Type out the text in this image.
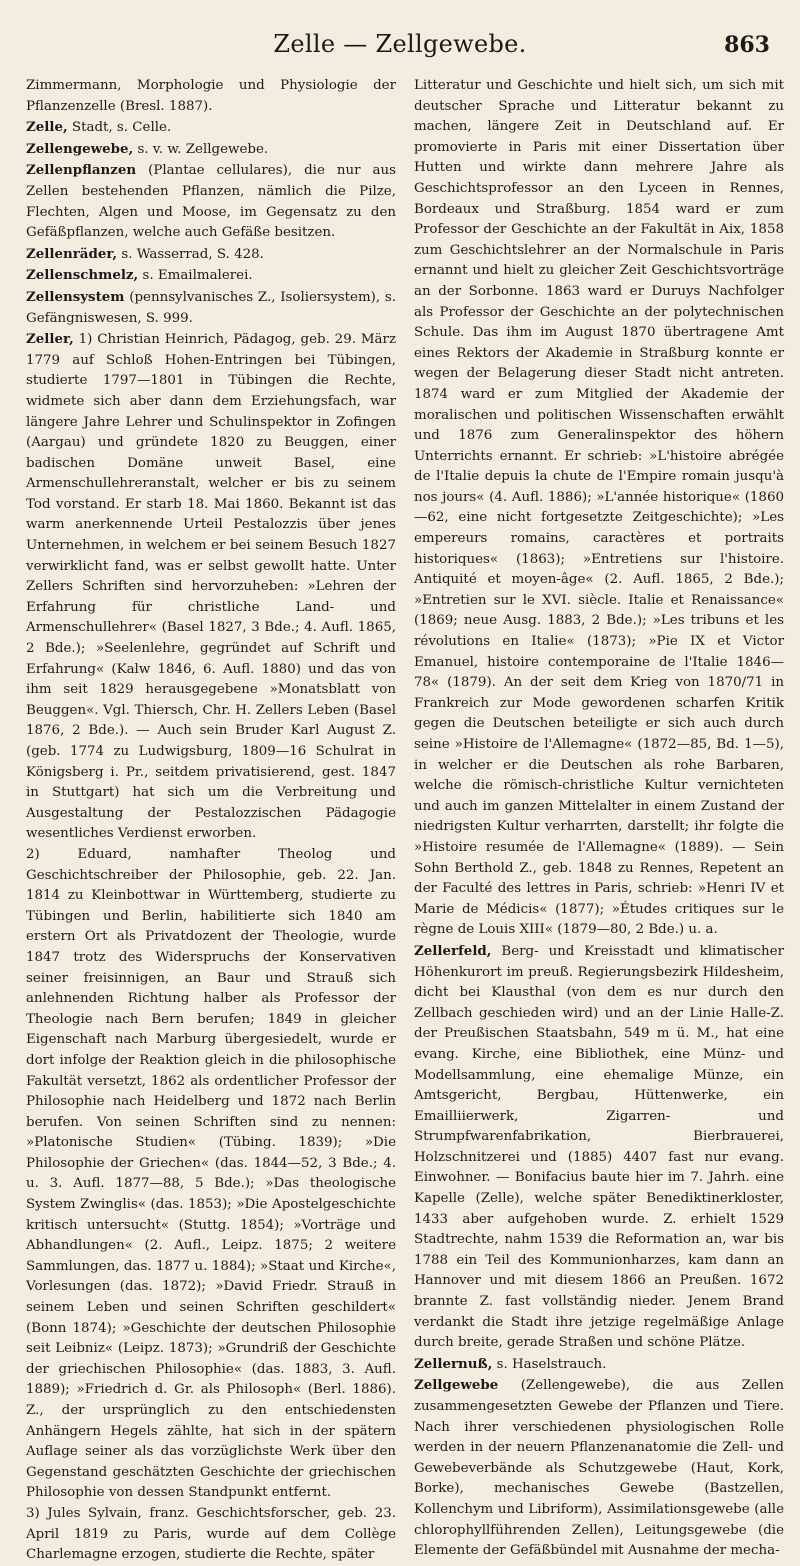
Zelle — Zellgewebe.	863

Zimmermann, Morphologie und Physiologie der Pflanzenzelle (Bresl. 1887).

Zelle, Stadt, s. Celle.

Zellengewebe, s. v. w. Zellgewebe.

Zellenpflanzen (Plantae cellulares), die nur aus Zellen bestehenden Pflanzen, nämlich die Pilze, Flechten, Algen und Moose, im Gegensatz zu den Gefäßpflanzen, welche auch Gefäße besitzen.

Zellenräder, s. Wasserrad, S. 428.

Zellenschmelz, s. Emailmalerei.

Zellensystem (pennsylvanisches Z., Isoliersystem), s. Gefängniswesen, S. 999.

Zeller, 1) Christian Heinrich, Pädagog, geb. 29. März 1779 auf Schloß Hohen-Entringen bei Tübingen, studierte 1797—1801 in Tübingen die Rechte, widmete sich aber dann dem Erziehungsfach, war längere Jahre Lehrer und Schulinspektor in Zofingen (Aargau) und gründete 1820 zu Beuggen, einer badischen Domäne unweit Basel, eine Armenschullehreranstalt, welcher er bis zu seinem Tod vorstand. Er starb 18. Mai 1860. Bekannt ist das warm anerkennende Urteil Pestalozzis über jenes Unternehmen, in welchem er bei seinem Besuch 1827 verwirklicht fand, was er selbst gewollt hatte. Unter Zellers Schriften sind hervorzuheben: »Lehren der Erfahrung für christliche Land- und Armenschullehrer« (Basel 1827, 3 Bde.; 4. Aufl. 1865, 2 Bde.); »Seelenlehre, gegründet auf Schrift und Erfahrung« (Kalw 1846, 6. Aufl. 1880) und das von ihm seit 1829 herausgegebene »Monatsblatt von Beuggen«. Vgl. Thiersch, Chr. H. Zellers Leben (Basel 1876, 2 Bde.). — Auch sein Bruder Karl August Z. (geb. 1774 zu Ludwigsburg, 1809—16 Schulrat in Königsberg i. Pr., seitdem privatisierend, gest. 1847 in Stuttgart) hat sich um die Verbreitung und Ausgestaltung der Pestalozzischen Pädagogie wesentliches Verdienst erworben.

2) Eduard, namhafter Theolog und Geschichtschreiber der Philosophie, geb. 22. Jan. 1814 zu Kleinbottwar in Württemberg, studierte zu Tübingen und Berlin, habilitierte sich 1840 am erstern Ort als Privatdozent der Theologie, wurde 1847 trotz des Widerspruchs der Konservativen seiner freisinnigen, an Baur und Strauß sich anlehnenden Richtung halber als Professor der Theologie nach Bern berufen; 1849 in gleicher Eigenschaft nach Marburg übergesiedelt, wurde er dort infolge der Reaktion gleich in die philosophische Fakultät versetzt, 1862 als ordentlicher Professor der Philosophie nach Heidelberg und 1872 nach Berlin berufen. Von seinen Schriften sind zu nennen: »Platonische Studien« (Tübing. 1839); »Die Philosophie der Griechen« (das. 1844—52, 3 Bde.; 4. u. 3. Aufl. 1877—88, 5 Bde.); »Das theologische System Zwinglis« (das. 1853); »Die Apostelgeschichte kritisch untersucht« (Stuttg. 1854); »Vorträge und Abhandlungen« (2. Aufl., Leipz. 1875; 2 weitere Sammlungen, das. 1877 u. 1884); »Staat und Kirche«, Vorlesungen (das. 1872); »David Friedr. Strauß in seinem Leben und seinen Schriften geschildert« (Bonn 1874); »Geschichte der deutschen Philosophie seit Leibniz« (Leipz. 1873); »Grundriß der Geschichte der griechischen Philosophie« (das. 1883, 3. Aufl. 1889); »Friedrich d. Gr. als Philosoph« (Berl. 1886). Z., der ursprünglich zu den entschiedensten Anhängern Hegels zählte, hat sich in der spätern Auflage seiner als das vorzüglichste Werk über den Gegenstand geschätzten Geschichte der griechischen Philosophie von dessen Standpunkt entfernt.

3) Jules Sylvain, franz. Geschichtsforscher, geb. 23. April 1819 zu Paris, wurde auf dem Collège Charlemagne erzogen, studierte die Rechte, später

Litteratur und Geschichte und hielt sich, um sich mit deutscher Sprache und Litteratur bekannt zu machen, längere Zeit in Deutschland auf. Er promovierte in Paris mit einer Dissertation über Hutten und wirkte dann mehrere Jahre als Geschichtsprofessor an den Lyceen in Rennes, Bordeaux und Straßburg. 1854 ward er zum Professor der Geschichte an der Fakultät in Aix, 1858 zum Geschichtslehrer an der Normalschule in Paris ernannt und hielt zu gleicher Zeit Geschichtsvorträge an der Sorbonne. 1863 ward er Duruys Nachfolger als Professor der Geschichte an der polytechnischen Schule. Das ihm im August 1870 übertragene Amt eines Rektors der Akademie in Straßburg konnte er wegen der Belagerung dieser Stadt nicht antreten. 1874 ward er zum Mitglied der Akademie der moralischen und politischen Wissenschaften erwählt und 1876 zum Generalinspektor des höhern Unterrichts ernannt. Er schrieb: »L'histoire abrégée de l'Italie depuis la chute de l'Empire romain jusqu'à nos jours« (4. Aufl. 1886); »L'année historique« (1860—62, eine nicht fortgesetzte Zeitgeschichte); »Les empereurs romains, caractères et portraits historiques« (1863); »Entretiens sur l'histoire. Antiquité et moyen-âge« (2. Aufl. 1865, 2 Bde.); »Entretien sur le XVI. siècle. Italie et Renaissance« (1869; neue Ausg. 1883, 2 Bde.); »Les tribuns et les révolutions en Italie« (1873); »Pie IX et Victor Emanuel, histoire contemporaine de l'Italie 1846—78« (1879). An der seit dem Krieg von 1870/71 in Frankreich zur Mode gewordenen scharfen Kritik gegen die Deutschen beteiligte er sich auch durch seine »Histoire de l'Allemagne« (1872—85, Bd. 1—5), in welcher er die Deutschen als rohe Barbaren, welche die römisch-christliche Kultur vernichteten und auch im ganzen Mittelalter in einem Zustand der niedrigsten Kultur verharrten, darstellt; ihr folgte die »Histoire resumée de l'Allemagne« (1889). — Sein Sohn Berthold Z., geb. 1848 zu Rennes, Repetent an der Faculté des lettres in Paris, schrieb: »Henri IV et Marie de Médicis« (1877); »Études critiques sur le règne de Louis XIII« (1879—80, 2 Bde.) u. a.

Zellerfeld, Berg- und Kreisstadt und klimatischer Höhenkurort im preuß. Regierungsbezirk Hildesheim, dicht bei Klausthal (von dem es nur durch den Zellbach geschieden wird) und an der Linie Halle-Z. der Preußischen Staatsbahn, 549 m ü. M., hat eine evang. Kirche, eine Bibliothek, eine Münz- und Modellsammlung, eine ehemalige Münze, ein Amtsgericht, Bergbau, Hüttenwerke, ein Emailliierwerk, Zigarren- und Strumpfwarenfabrikation, Bierbrauerei, Holzschnitzerei und (1885) 4407 fast nur evang. Einwohner. — Bonifacius baute hier im 7. Jahrh. eine Kapelle (Zelle), welche später Benediktinerkloster, 1433 aber aufgehoben wurde. Z. erhielt 1529 Stadtrechte, nahm 1539 die Reformation an, war bis 1788 ein Teil des Kommunionharzes, kam dann an Hannover und mit diesem 1866 an Preußen. 1672 brannte Z. fast vollständig nieder. Jenem Brand verdankt die Stadt ihre jetzige regelmäßige Anlage durch breite, gerade Straßen und schöne Plätze.

Zellernuß, s. Haselstrauch.

Zellgewebe (Zellengewebe), die aus Zellen zusammengesetzten Gewebe der Pflanzen und Tiere. Nach ihrer verschiedenen physiologischen Rolle werden in der neuern Pflanzenanatomie die Zell- und Gewebeverbände als Schutzgewebe (Haut, Kork, Borke), mechanisches Gewebe (Bastzellen, Kollenchym und Libriform), Assimilationsgewebe (alle chlorophyllführenden Zellen), Leitungsgewebe (die Elemente der Gefäßbündel mit Ausnahme der mecha-
